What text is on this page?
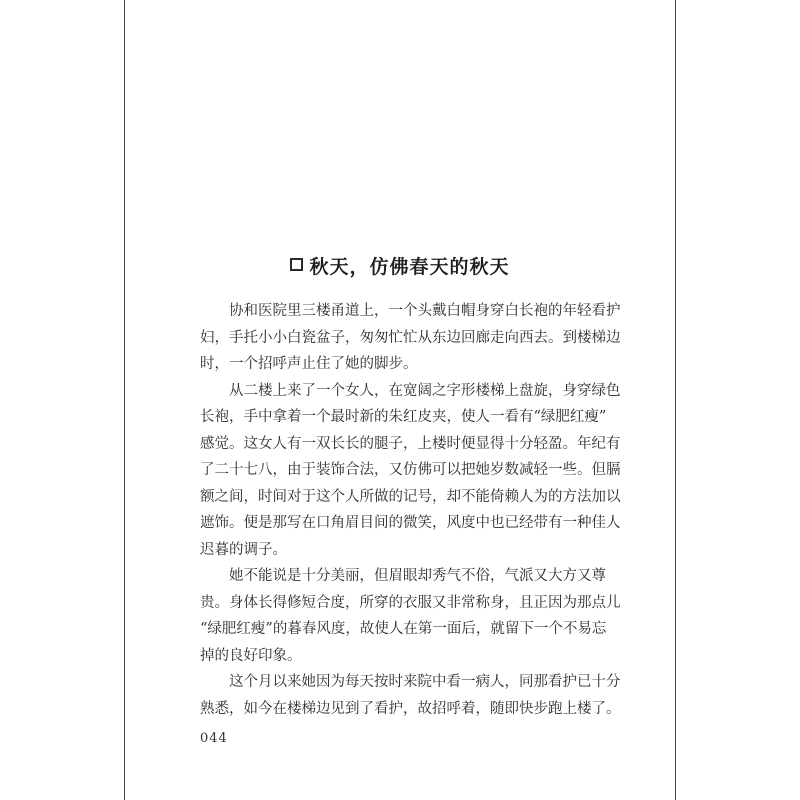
秋天，仿佛春天的秋天

协和医院里三楼甬道上，一个头戴白帽身穿白长袍的年轻看护

妇，手托小小白瓷盆子，匆匆忙忙从东边回廊走向西去。到楼梯边

时，一个招呼声止住了她的脚步。

从二楼上来了一个女人，在宽阔之字形楼梯上盘旋，身穿绿色

长袍，手中拿着一个最时新的朱红皮夹，使人一看有“绿肥红瘦”

感觉。这女人有一双长长的腿子，上楼时便显得十分轻盈。年纪有

了二十七八，由于装饰合法，又仿佛可以把她岁数减轻一些。但膈

额之间，时间对于这个人所做的记号，却不能倚赖人为的方法加以

遮饰。便是那写在口角眉目间的微笑，风度中也已经带有一种佳人

迟暮的调子。

她不能说是十分美丽，但眉眼却秀气不俗，气派又大方又尊

贵。身体长得修短合度，所穿的衣服又非常称身，且正因为那点儿

“绿肥红瘦”的暮春风度，故使人在第一面后，就留下一个不易忘

掉的良好印象。

这个月以来她因为每天按时来院中看一病人，同那看护已十分

熟悉，如今在楼梯边见到了看护，故招呼着，随即快步跑上楼了。

044
